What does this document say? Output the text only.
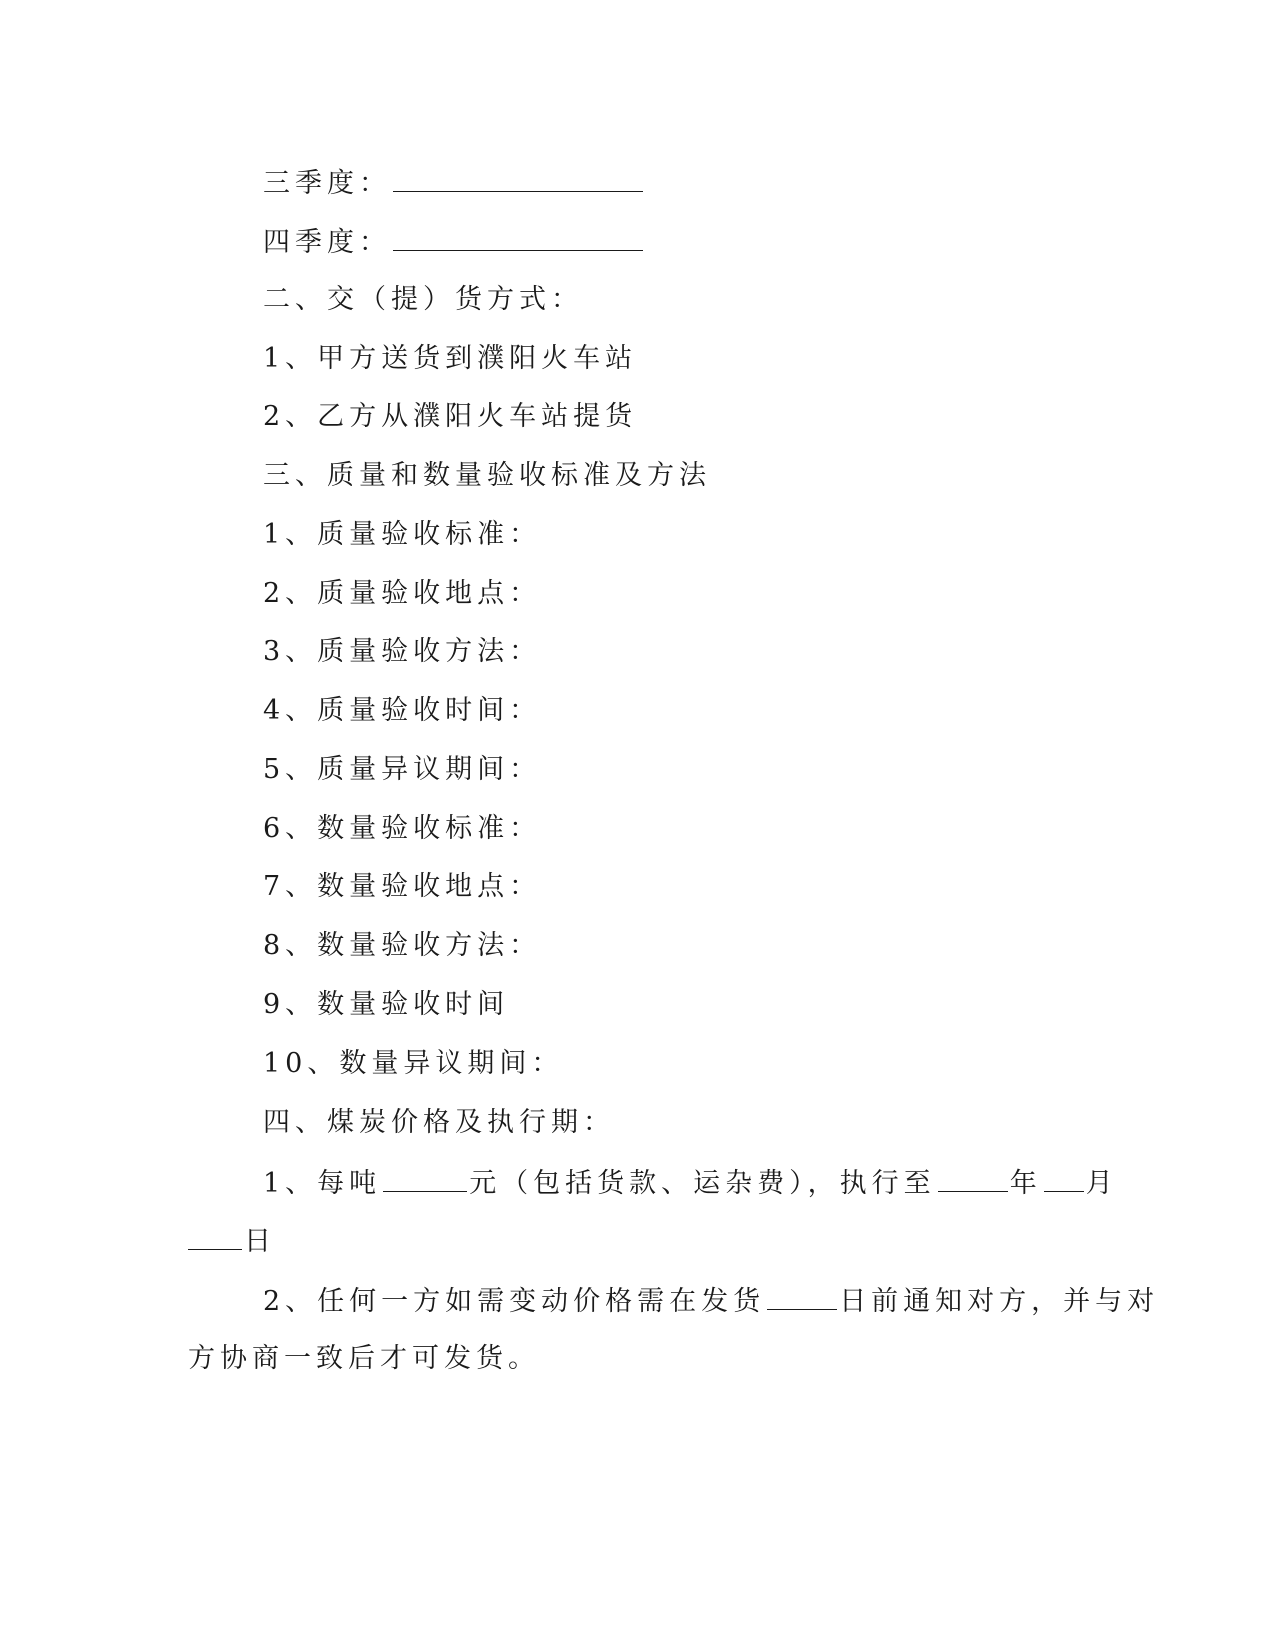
三季度：
四季度：
二、交（提）货方式：
1、甲方送货到濮阳火车站
2、乙方从濮阳火车站提货
三、质量和数量验收标准及方法
1、质量验收标准：
2、质量验收地点：
3、质量验收方法：
4、质量验收时间：
5、质量异议期间：
6、数量验收标准：
7、数量验收地点：
8、数量验收方法：
9、数量验收时间
10、数量异议期间：
四、煤炭价格及执行期：
1、每吨	元（包括货款、运杂费），执行至	年 月
日
2、任何一方如需变动价格需在发货	日前通知对方，并与对
方协商一致后才可发货。
